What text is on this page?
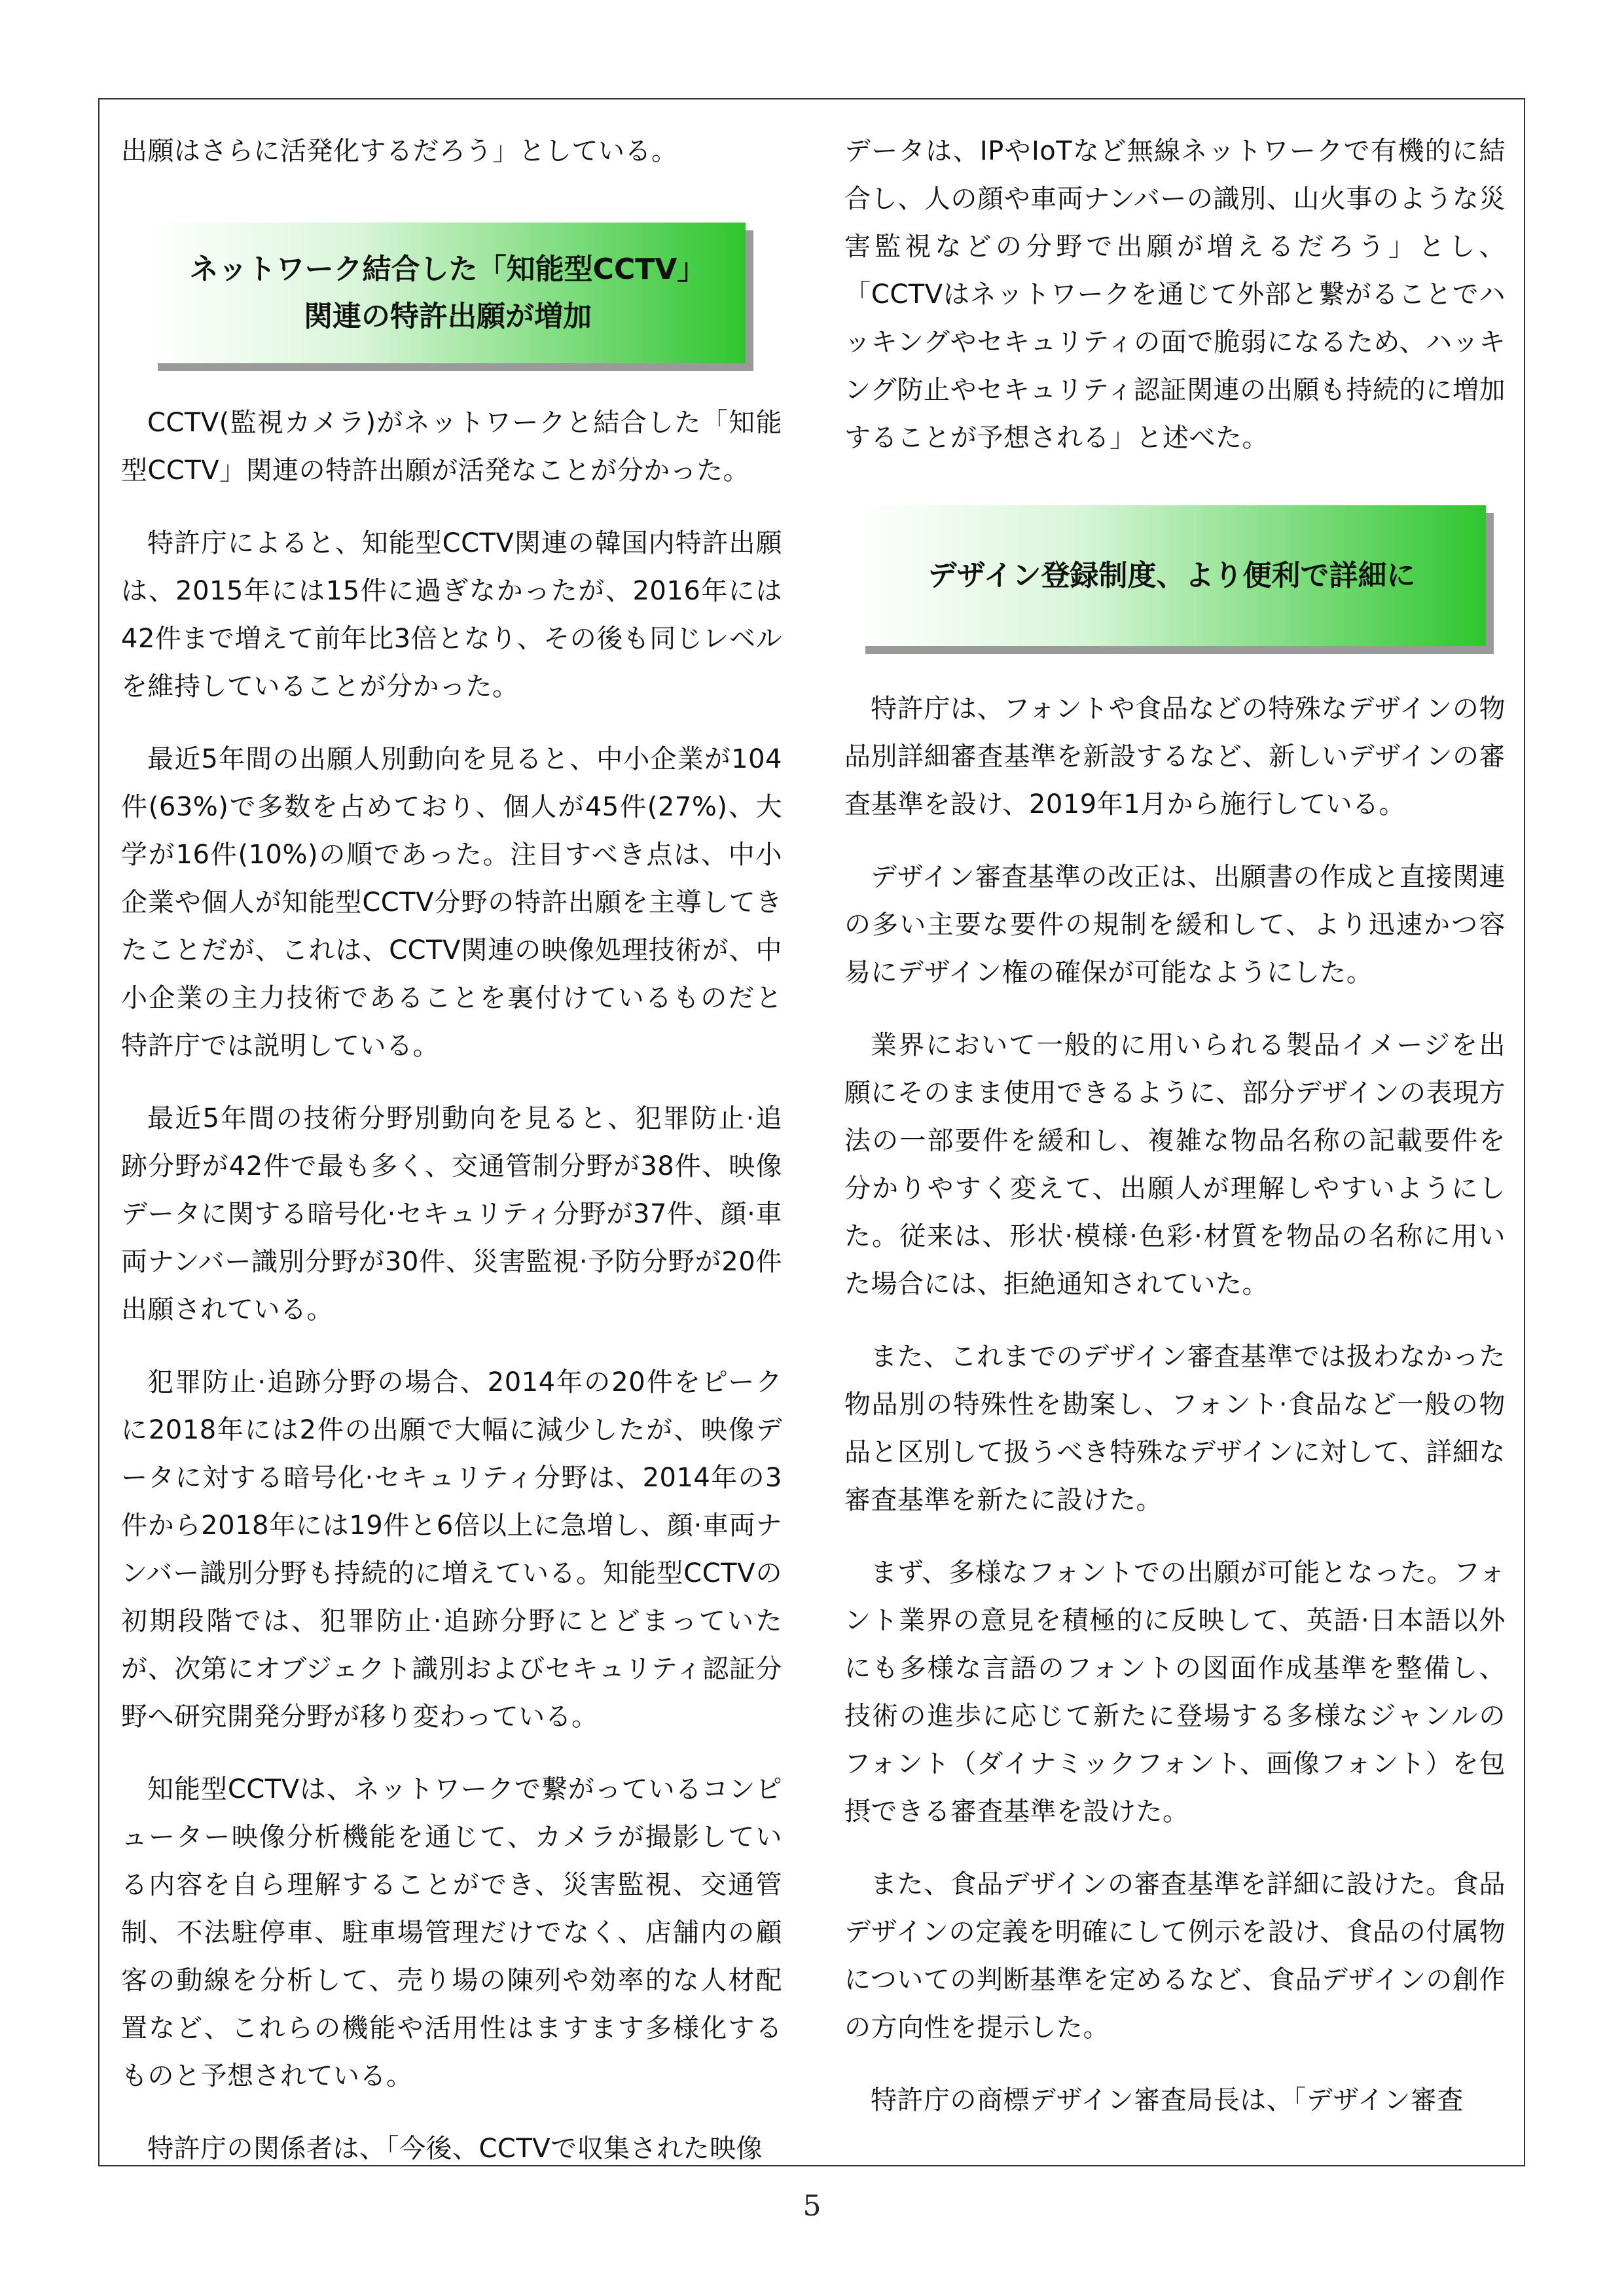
出願はさらに活発化するだろう」としている。

ネットワーク結合した「知能型CCTV」
関連の特許出願が増加

CCTV(監視カメラ)がネットワークと結合した「知能型CCTV」関連の特許出願が活発なことが分かった。

特許庁によると、知能型CCTV関連の韓国内特許出願は、2015年には15件に過ぎなかったが、2016年には42件まで増えて前年比3倍となり、その後も同じレベルを維持していることが分かった。

最近5年間の出願人別動向を見ると、中小企業が104件(63%)で多数を占めており、個人が45件(27%)、大学が16件(10%)の順であった。注目すべき点は、中小企業や個人が知能型CCTV分野の特許出願を主導してきたことだが、これは、CCTV関連の映像処理技術が、中小企業の主力技術であることを裏付けているものだと特許庁では説明している。

最近5年間の技術分野別動向を見ると、犯罪防止·追跡分野が42件で最も多く、交通管制分野が38件、映像データに関する暗号化·セキュリティ分野が37件、顔·車両ナンバー識別分野が30件、災害監視·予防分野が20件出願されている。

犯罪防止·追跡分野の場合、2014年の20件をピークに2018年には2件の出願で大幅に減少したが、映像データに対する暗号化·セキュリティ分野は、2014年の3件から2018年には19件と6倍以上に急増し、顔·車両ナンバー識別分野も持続的に増えている。知能型CCTVの初期段階では、犯罪防止·追跡分野にとどまっていたが、次第にオブジェクト識別およびセキュリティ認証分野へ研究開発分野が移り変わっている。

知能型CCTVは、ネットワークで繋がっているコンピューター映像分析機能を通じて、カメラが撮影している内容を自ら理解することができ、災害監視、交通管制、不法駐停車、駐車場管理だけでなく、店舗内の顧客の動線を分析して、売り場の陳列や効率的な人材配置など、これらの機能や活用性はますます多様化するものと予想されている。

特許庁の関係者は、「今後、CCTVで収集された映像

データは、IPやIoTなど無線ネットワークで有機的に結合し、人の顔や車両ナンバーの識別、山火事のような災害監視などの分野で出願が増えるだろう」とし、「CCTVはネットワークを通じて外部と繋がることでハッキングやセキュリティの面で脆弱になるため、ハッキング防止やセキュリティ認証関連の出願も持続的に増加することが予想される」と述べた。

デザイン登録制度、より便利で詳細に

特許庁は、フォントや食品などの特殊なデザインの物品別詳細審査基準を新設するなど、新しいデザインの審査基準を設け、2019年1月から施行している。

デザイン審査基準の改正は、出願書の作成と直接関連の多い主要な要件の規制を緩和して、より迅速かつ容易にデザイン権の確保が可能なようにした。

業界において一般的に用いられる製品イメージを出願にそのまま使用できるように、部分デザインの表現方法の一部要件を緩和し、複雑な物品名称の記載要件を分かりやすく変えて、出願人が理解しやすいようにした。従来は、形状·模様·色彩·材質を物品の名称に用いた場合には、拒絶通知されていた。

また、これまでのデザイン審査基準では扱わなかった物品別の特殊性を勘案し、フォント·食品など一般の物品と区別して扱うべき特殊なデザインに対して、詳細な審査基準を新たに設けた。

まず、多様なフォントでの出願が可能となった。フォント業界の意見を積極的に反映して、英語·日本語以外にも多様な言語のフォントの図面作成基準を整備し、技術の進歩に応じて新たに登場する多様なジャンルのフォント（ダイナミックフォント、画像フォント）を包摂できる審査基準を設けた。

また、食品デザインの審査基準を詳細に設けた。食品デザインの定義を明確にして例示を設け、食品の付属物についての判断基準を定めるなど、食品デザインの創作の方向性を提示した。

特許庁の商標デザイン審査局長は、「デザイン審査

5
